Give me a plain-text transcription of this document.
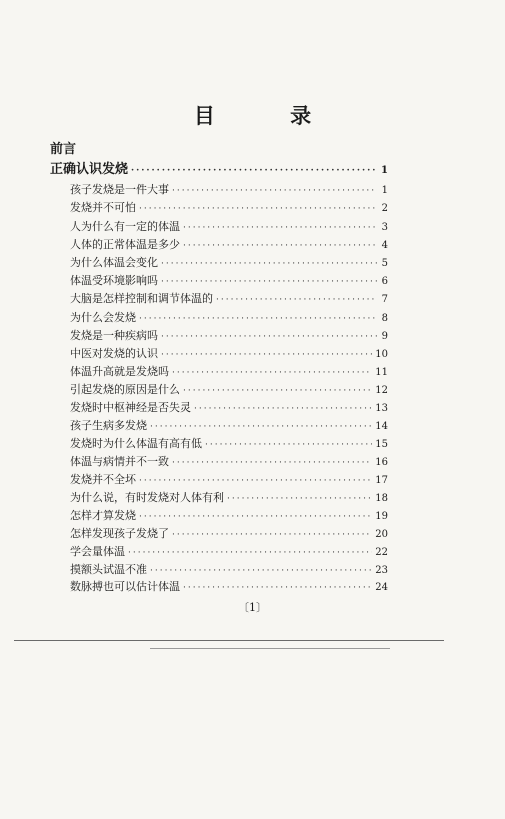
目 录
前言
正确认识发烧 ·····	1
孩子发烧是一件大事 ·····	1
发烧并不可怕 ·····	2
人为什么有一定的体温 ·····	3
人体的正常体温是多少 ·····	4
为什么体温会变化 ·····	5
体温受环境影响吗 ·····	6
大脑是怎样控制和调节体温的 ·····	7
为什么会发烧 ·····	8
发烧是一种疾病吗 ·····	9
中医对发烧的认识 ·····	10
体温升高就是发烧吗 ·····	11
引起发烧的原因是什么 ·····	12
发烧时中枢神经是否失灵 ·····	13
孩子生病多发烧 ·····	14
发烧时为什么体温有高有低 ·····	15
体温与病情并不一致 ·····	16
发烧并不全坏 ·····	17
为什么说，有时发烧对人体有利 ·····	18
怎样才算发烧 ·····	19
怎样发现孩子发烧了 ·····	20
学会量体温 ·····	22
摸额头试温不准 ·····	23
数脉搏也可以估计体温 ·····	24
〔1〕
